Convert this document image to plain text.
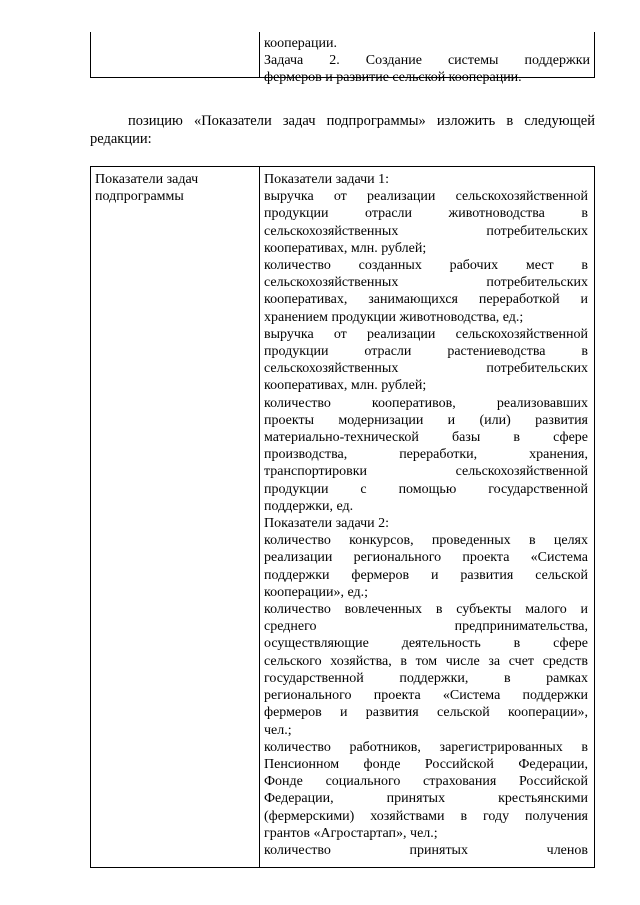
кооперации.
Задача 2. Создание системы поддержки
фермеров и развитие сельской кооперации.
позицию «Показатели задач подпрограммы» изложить в следующей
редакции:
Показатели задач подпрограммы
Показатели задачи 1:
выручка от реализации сельскохозяйственной
продукции отрасли животноводства в
сельскохозяйственных потребительских
кооперативах, млн. рублей;
количество созданных рабочих мест в
сельскохозяйственных потребительских
кооперативах, занимающихся переработкой и
хранением продукции животноводства, ед.;
выручка от реализации сельскохозяйственной
продукции отрасли растениеводства в
сельскохозяйственных потребительских
кооперативах, млн. рублей;
количество кооперативов, реализовавших
проекты модернизации и (или) развития
материально-технической базы в сфере
производства, переработки, хранения,
транспортировки сельскохозяйственной
продукции с помощью государственной
поддержки, ед.
Показатели задачи 2:
количество конкурсов, проведенных в целях
реализации регионального проекта «Система
поддержки фермеров и развития сельской
кооперации», ед.;
количество вовлеченных в субъекты малого и
среднего предпринимательства,
осуществляющие деятельность в сфере
сельского хозяйства, в том числе за счет средств
государственной поддержки, в рамках
регионального проекта «Система поддержки
фермеров и развития сельской кооперации»,
чел.;
количество работников, зарегистрированных в
Пенсионном фонде Российской Федерации,
Фонде социального страхования Российской
Федерации, принятых крестьянскими
(фермерскими) хозяйствами в году получения
грантов «Агростартап», чел.;
количество принятых членов
